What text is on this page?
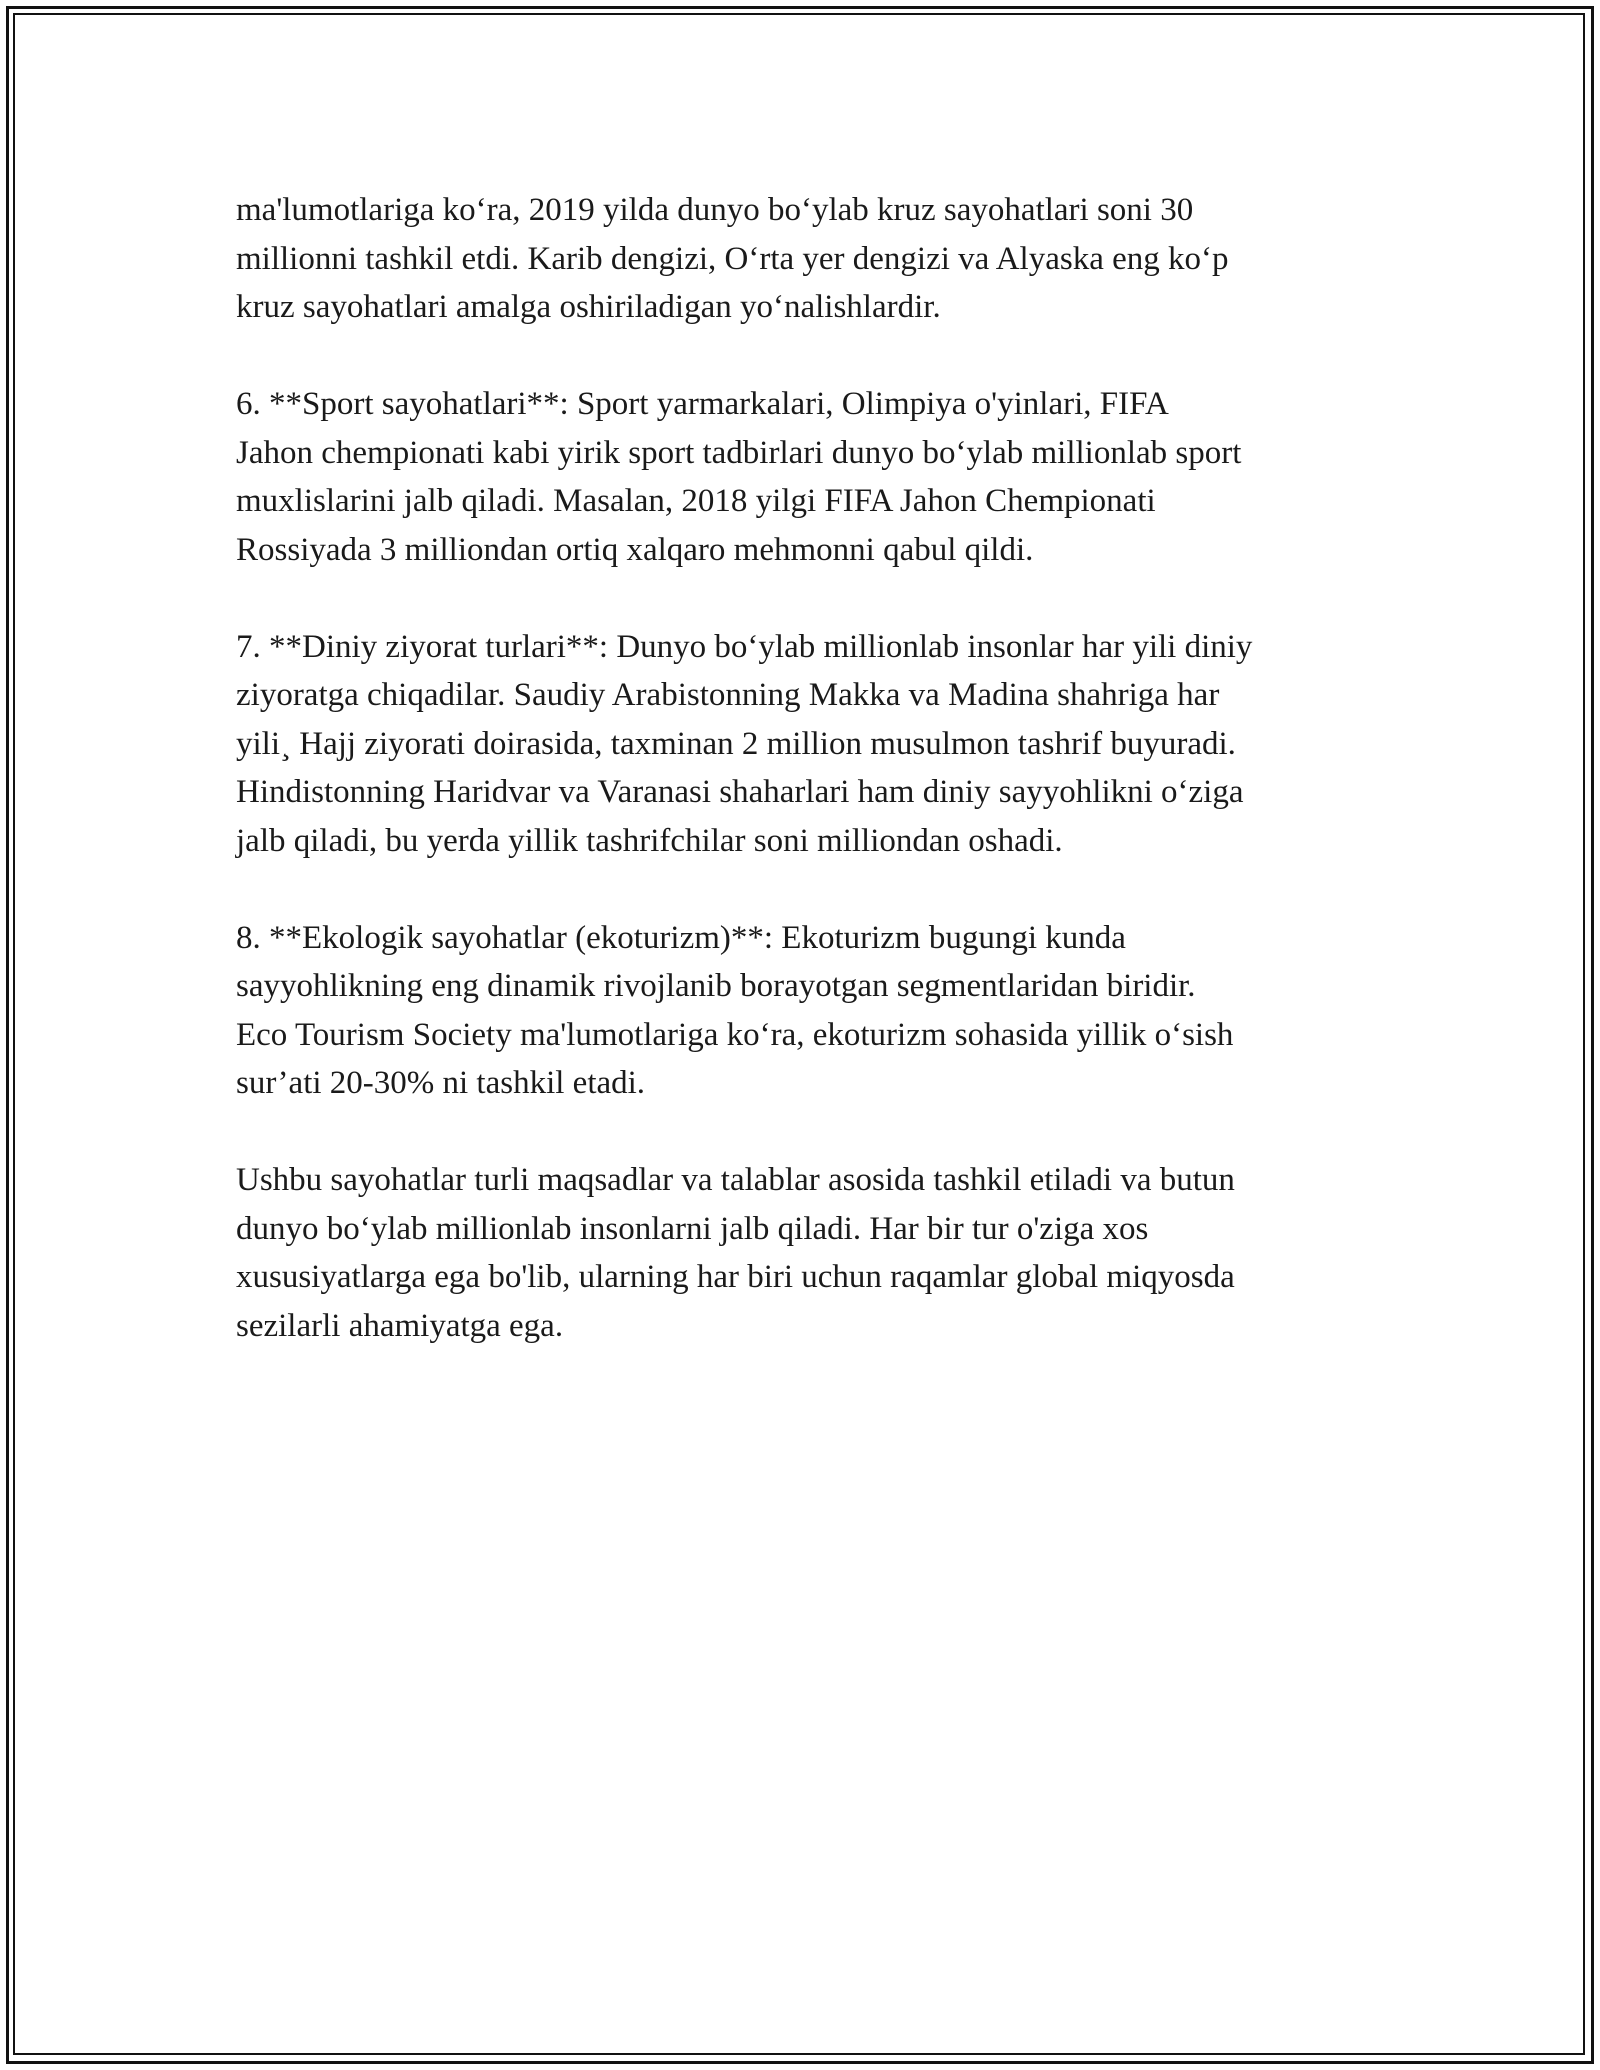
ma'lumotlariga koʻra, 2019 yilda dunyo boʻylab kruz sayohatlari soni 30
millionni tashkil etdi. Karib dengizi, Oʻrta yer dengizi va Alyaska eng koʻp
kruz sayohatlari amalga oshiriladigan yoʻnalishlardir.

6. **Sport sayohatlari**: Sport yarmarkalari, Olimpiya o'yinlari, FIFA
Jahon chempionati kabi yirik sport tadbirlari dunyo boʻylab millionlab sport
muxlislarini jalb qiladi. Masalan, 2018 yilgi FIFA Jahon Chempionati
Rossiyada 3 milliondan ortiq xalqaro mehmonni qabul qildi.

7. **Diniy ziyorat turlari**: Dunyo boʻylab millionlab insonlar har yili diniy
ziyoratga chiqadilar. Saudiy Arabistonning Makka va Madina shahriga har
yili¸ Hajj ziyorati doirasida, taxminan 2 million musulmon tashrif buyuradi.
Hindistonning Haridvar va Varanasi shaharlari ham diniy sayyohlikni oʻziga
jalb qiladi, bu yerda yillik tashrifchilar soni milliondan oshadi.

8. **Ekologik sayohatlar (ekoturizm)**: Ekoturizm bugungi kunda
sayyohlikning eng dinamik rivojlanib borayotgan segmentlaridan biridir.
Eco Tourism Society ma'lumotlariga koʻra, ekoturizm sohasida yillik oʻsish
sur’ati 20-30% ni tashkil etadi.

Ushbu sayohatlar turli maqsadlar va talablar asosida tashkil etiladi va butun
dunyo boʻylab millionlab insonlarni jalb qiladi. Har bir tur o'ziga xos
xususiyatlarga ega bo'lib, ularning har biri uchun raqamlar global miqyosda
sezilarli ahamiyatga ega.
